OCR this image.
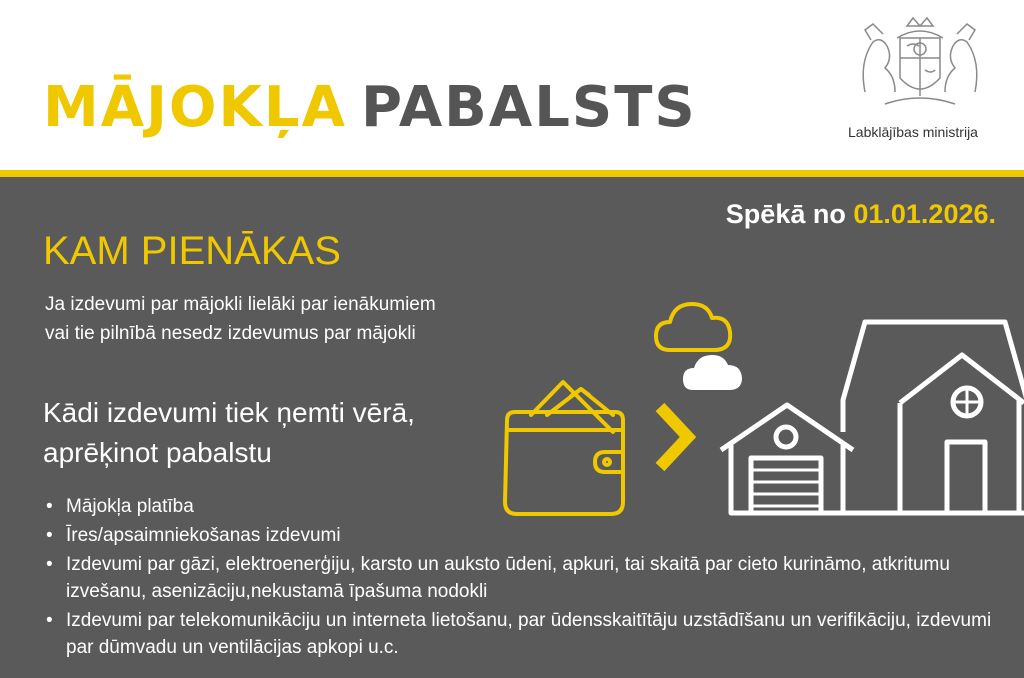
MĀJOKĻA PABALSTS	Labklājības ministrija
Spēkā no 01.01.2026.
KAM PIENĀKAS
Ja izdevumi par mājokli lielāki par ienākumiem
vai tie pilnībā nesedz izdevumus par mājokli
Kādi izdevumi tiek ņemti vērā,
aprēķinot pabalstu
• Mājokļa platība
• Īres/apsaimniekošanas izdevumi
• Izdevumi par gāzi, elektroenerģiju, karsto un auksto ūdeni, apkuri, tai skaitā par cieto kurināmo, atkritumu izvešanu, asenizāciju,nekustamā īpašuma nodokli
• Izdevumi par telekomunikāciju un interneta lietošanu, par ūdensskaitītāju uzstādīšanu un verifikāciju, izdevumi par dūmvadu un ventilācijas apkopi u.c.
